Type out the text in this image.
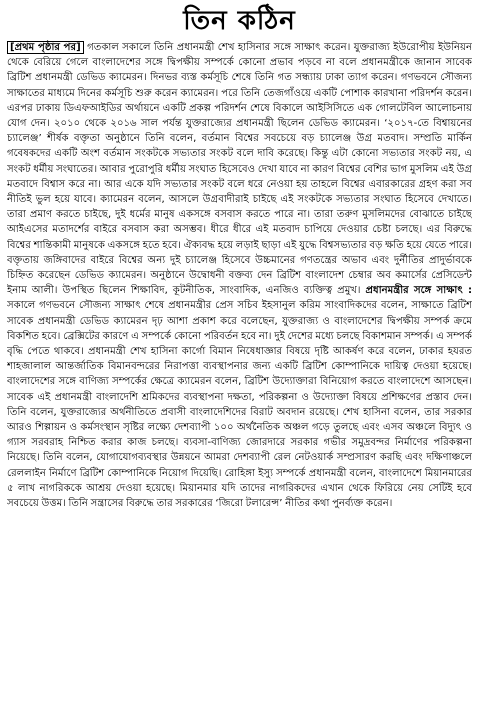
তিন কঠিন

[প্রথম পৃষ্ঠার পর] গতকাল সকালে তিনি প্রধানমন্ত্রী শেখ হাসিনার সঙ্গে সাক্ষাৎ করেন। যুক্তরাজ্য ইউরোপীয় ইউনিয়ন থেকে বেরিয়ে গেলে বাংলাদেশের সঙ্গে দ্বিপক্ষীয় সম্পর্কে কোনো প্রভাব পড়বে না বলে প্রধানমন্ত্রীকে জানান সাবেক ব্রিটিশ প্রধানমন্ত্রী ডেভিড ক্যামেরন। দিনভর ব্যস্ত কর্মসূচি শেষে তিনি গত সন্ধ্যায় ঢাকা ত্যাগ করেন। গণভবনে সৌজন্য সাক্ষাতের মাধ্যমে দিনের কর্মসূচি শুরু করেন ক্যামেরন। পরে তিনি তেজগাঁওয়ে একটি পোশাক কারখানা পরিদর্শন করেন। এরপর ঢাকায় ডিএফআইডির অর্থায়নে একটি প্রকল্প পরিদর্শন শেষে বিকালে আইসিসিতে এক গোলটেবিল আলোচনায় যোগ দেন। ২০১০ থেকে ২০১৬ সাল পর্যন্ত যুক্তরাজ্যের প্রধানমন্ত্রী ছিলেন ডেভিড ক্যামেরন। ‘২০১৭-তে বিশ্বায়নের চ্যালেঞ্জ’ শীর্ষক বক্তৃতা অনুষ্ঠানে তিনি বলেন, বর্তমান বিশ্বের সবচেয়ে বড় চ্যালেঞ্জ উগ্র মতবাদ। সম্প্রতি মার্কিন গবেষকদের একটি অংশ বর্তমান সংকটকে সভ্যতার সংকট বলে দাবি করেছে। কিন্তু এটা কোনো সভ্যতার সংকট নয়, এ সংকট ধর্মীয় সংঘাতের। আবার পুরোপুরি ধর্মীয় সংঘাত হিসেবেও দেখা যাবে না কারণ বিশ্বের বেশির ভাগ মুসলিম এই উগ্র মতবাদে বিশ্বাস করে না। আর একে যদি সভ্যতার সংকট বলে ধরে নেওয়া হয় তাহলে বিশ্বের এবারকারের গ্রহণ করা সব নীতিই ভুল হয়ে যাবে। ক্যামেরন বলেন, আসলে উগ্রবাদীরাই চাইছে এই সংকটকে সভ্যতার সংঘাত হিসেবে দেখাতে। তারা প্রমাণ করতে চাইছে, দুই ধর্মের মানুষ একসঙ্গে বসবাস করতে পারে না। তারা তরুণ মুসলিমদের বোঝাতে চাইছে আইএসের মতাদর্শের বাইরে বসবাস করা অসম্ভব। ধীরে ধীরে এই মতবাদ চাপিয়ে দেওয়ার চেষ্টা চলছে। এর বিরুদ্ধে বিশ্বের শান্তিকামী মানুষকে একসঙ্গে হতে হবে। ঐক্যবদ্ধ হয়ে লড়াই ছাড়া এই যুদ্ধে বিশ্বসভ্যতার বড় ক্ষতি হয়ে যেতে পারে। বক্তৃতায় জঙ্গিবাদের বাইরে বিশ্বের অন্য দুই চ্যালেঞ্জ হিসেবে উচ্চমানের গণতন্ত্রের অভাব এবং দুর্নীতির প্রাদুর্ভাবকে চিহ্নিত করেছেন ডেভিড ক্যামেরন। অনুষ্ঠানে উদ্বোধনী বক্তব্য দেন ব্রিটিশ বাংলাদেশ চেম্বার অব কমার্সের প্রেসিডেন্ট ইনাম আলী। উপস্থিত ছিলেন শিক্ষাবিদ, কূটনীতিক, সাংবাদিক, এনজিও ব্যক্তিত্ব প্রমুখ। প্রধানমন্ত্রীর সঙ্গে সাক্ষাৎ : সকালে গণভবনে সৌজন্য সাক্ষাৎ শেষে প্রধানমন্ত্রীর প্রেস সচিব ইহসানুল করিম সাংবাদিকদের বলেন, সাক্ষাতে ব্রিটিশ সাবেক প্রধানমন্ত্রী ডেভিড ক্যামেরন দৃঢ় আশা প্রকাশ করে বলেছেন, যুক্তরাজ্য ও বাংলাদেশের দ্বিপক্ষীয় সম্পর্ক ক্রমে বিকশিত হবে। ব্রেক্সিটের কারণে এ সম্পর্কে কোনো পরিবর্তন হবে না। দুই দেশের মধ্যে চলছে বিকাশমান সম্পর্ক। এ সম্পর্ক বৃদ্ধি পেতে থাকবে। প্রধানমন্ত্রী শেখ হাসিনা কার্গো বিমান নিষেধাজ্ঞার বিষয়ে দৃষ্টি আকর্ষণ করে বলেন, ঢাকার হযরত শাহজালাল আন্তর্জাতিক বিমানবন্দরের নিরাপত্তা ব্যবস্থাপনার জন্য একটি ব্রিটিশ কোম্পানিকে দায়িত্ব দেওয়া হয়েছে। বাংলাদেশের সঙ্গে বাণিজ্য সম্পর্কের ক্ষেত্রে ক্যামেরন বলেন, ব্রিটিশ উদ্যোক্তারা বিনিয়োগ করতে বাংলাদেশে আসছেন। সাবেক এই প্রধানমন্ত্রী বাংলাদেশি শ্রমিকদের ব্যবস্থাপনা দক্ষতা, পরিকল্পনা ও উদ্যোক্তা বিষয়ে প্রশিক্ষণের প্রস্তাব দেন। তিনি বলেন, যুক্তরাজ্যের অর্থনীতিতে প্রবাসী বাংলাদেশিদের বিরাট অবদান রয়েছে। শেখ হাসিনা বলেন, তার সরকার আরও শিল্পায়ন ও কর্মসংস্থান সৃষ্টির লক্ষ্যে দেশব্যাপী ১০০ অর্থনৈতিক অঞ্চল গড়ে তুলছে এবং এসব অঞ্চলে বিদ্যুৎ ও গ্যাস সরবরাহ নিশ্চিত করার কাজ চলছে। ব্যবসা-বাণিজ্য জোরদারে সরকার গভীর সমুদ্রবন্দর নির্মাণের পরিকল্পনা নিয়েছে। তিনি বলেন, যোগাযোগব্যবস্থার উন্নয়নে আমরা দেশব্যাপী রেল নেটওয়ার্ক সম্প্রসারণ করছি এবং দক্ষিণাঞ্চলে রেললাইন নির্মাণে ব্রিটিশ কোম্পানিকে নিয়োগ দিয়েছি। রোহিঙ্গা ইস্যু সম্পর্কে প্রধানমন্ত্রী বলেন, বাংলাদেশে মিয়ানমারের ৫ লাখ নাগরিককে আশ্রয় দেওয়া হয়েছে। মিয়ানমার যদি তাদের নাগরিকদের এখান থেকে ফিরিয়ে নেয় সেটিই হবে সবচেয়ে উত্তম। তিনি সন্ত্রাসের বিরুদ্ধে তার সরকারের ‘জিরো টলারেন্স’ নীতির কথা পুনর্ব্যক্ত করেন।
